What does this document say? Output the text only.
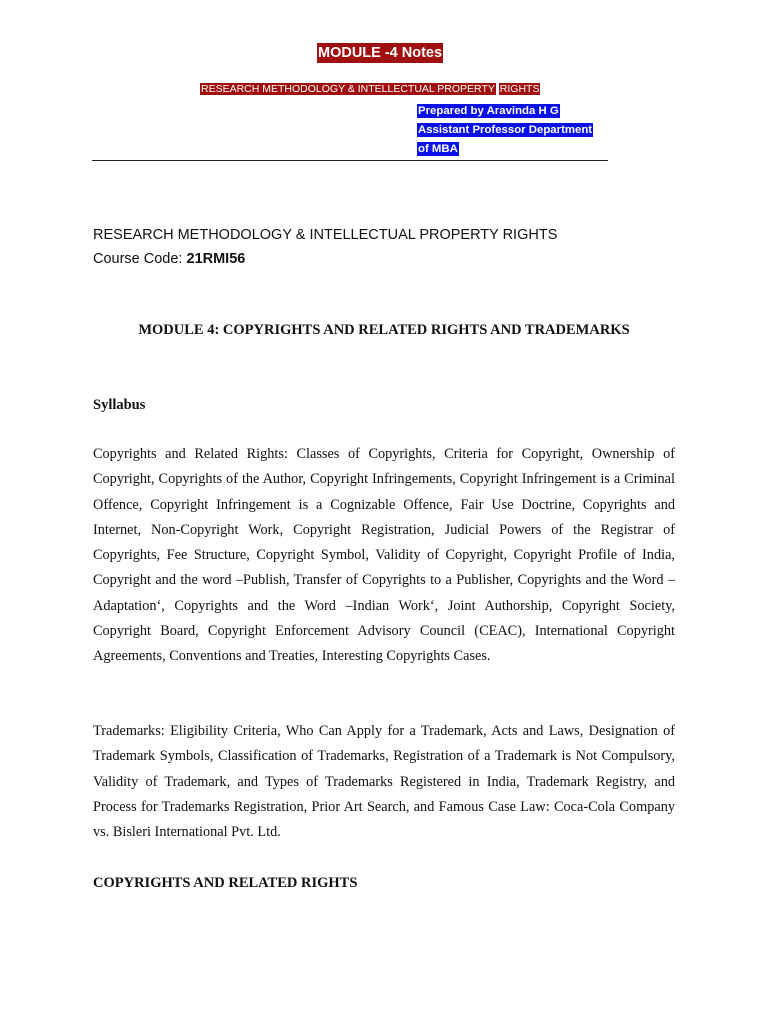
MODULE -4 Notes
RESEARCH METHODOLOGY & INTELLECTUAL PROPERTY RIGHTS
Prepared by Aravinda H G
Assistant Professor Department
of MBA
RESEARCH METHODOLOGY & INTELLECTUAL PROPERTY RIGHTS
Course Code: 21RMI56
MODULE 4: COPYRIGHTS AND RELATED RIGHTS AND TRADEMARKS
Syllabus
Copyrights and Related Rights: Classes of Copyrights, Criteria for Copyright, Ownership of Copyright, Copyrights of the Author, Copyright Infringements, Copyright Infringement is a Criminal Offence, Copyright Infringement is a Cognizable Offence, Fair Use Doctrine, Copyrights and Internet, Non-Copyright Work, Copyright Registration, Judicial Powers of the Registrar of Copyrights, Fee Structure, Copyright Symbol, Validity of Copyright, Copyright Profile of India, Copyright and the word ‒Publish, Transfer of Copyrights to a Publisher, Copyrights and the Word ‒Adaptation‘, Copyrights and the Word ‒Indian Work‘, Joint Authorship, Copyright Society, Copyright Board, Copyright Enforcement Advisory Council (CEAC), International Copyright Agreements, Conventions and Treaties, Interesting Copyrights Cases.
Trademarks: Eligibility Criteria, Who Can Apply for a Trademark, Acts and Laws, Designation of Trademark Symbols, Classification of Trademarks, Registration of a Trademark is Not Compulsory, Validity of Trademark, and Types of Trademarks Registered in India, Trademark Registry, and Process for Trademarks Registration, Prior Art Search, and Famous Case Law: Coca-Cola Company vs. Bisleri International Pvt. Ltd.
COPYRIGHTS AND RELATED RIGHTS
